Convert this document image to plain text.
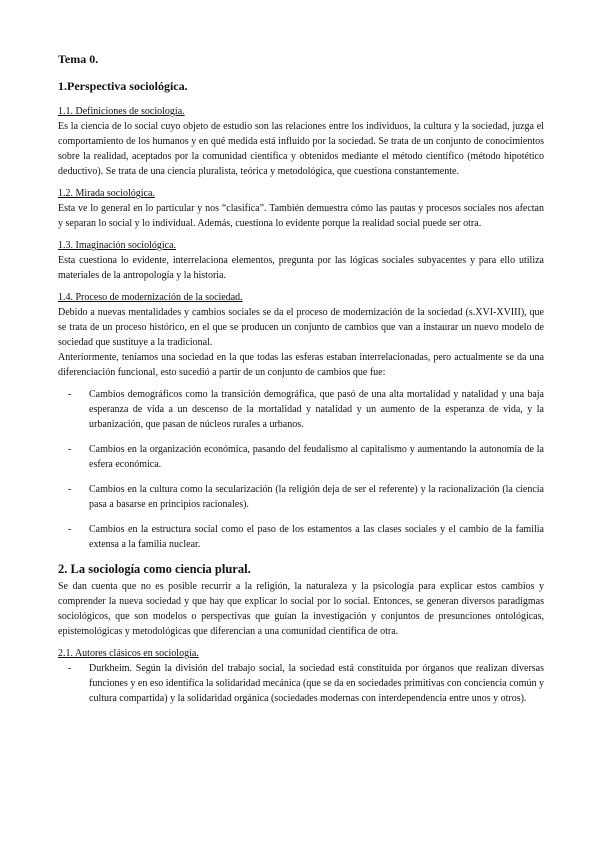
Tema 0.
1.Perspectiva sociológica.
1.1. Definiciones de sociología.
Es la ciencia de lo social cuyo objeto de estudio son las relaciones entre los individuos, la cultura y la sociedad, juzga el comportamiento de los humanos y en qué medida está influido por la sociedad. Se trata de un conjunto de conocimientos sobre la realidad, aceptados por la comunidad científica y obtenidos mediante el método científico (método hipotético deductivo). Se trata de una ciencia pluralista, teórica y metodológica, que cuestiona constantemente.
1.2. Mirada sociológica.
Esta ve lo general en lo particular y nos “clasifica”. También demuestra cómo las pautas y procesos sociales nos afectan y separan lo social y lo individual. Además, cuestiona lo evidente porque la realidad social puede ser otra.
1.3. Imaginación sociológica.
Esta cuestiona lo evidente, interrelaciona elementos, pregunta por las lógicas sociales subyacentes y para ello utiliza materiales de la antropología y la historia.
1.4. Proceso de modernización de la sociedad.
Debido a nuevas mentalidades y cambios sociales se da el proceso de modernización de la sociedad (s.XVI-XVIII), que se trata de un proceso histórico, en el que se producen un conjunto de cambios que van a instaurar un nuevo modelo de sociedad que sustituye a la tradicional.
Anteriormente, teníamos una sociedad en la que todas las esferas estaban interrelacionadas, pero actualmente se da una diferenciación funcional, esto sucedió a partir de un conjunto de cambios que fue:
- Cambios demográficos como la transición demográfica, que pasó de una alta mortalidad y natalidad y una baja esperanza de vida a un descenso de la mortalidad y natalidad y un aumento de la esperanza de vida, y la urbanización, que pasan de núcleos rurales a urbanos.
- Cambios en la organización económica, pasando del feudalismo al capitalismo y aumentando la autonomía de la esfera económica.
- Cambios en la cultura como la secularización (la religión deja de ser el referente) y la racionalización (la ciencia pasa a basarse en principios racionales).
- Cambios en la estructura social como el paso de los estamentos a las clases sociales y el cambio de la familia extensa a la familia nuclear.
2. La sociología como ciencia plural.
Se dan cuenta que no es posible recurrir a la religión, la naturaleza y la psicología para explicar estos cambios y comprender la nueva sociedad y que hay que explicar lo social por lo social. Entonces, se generan diversos paradigmas sociológicos, que son modelos o perspectivas que guían la investigación y conjuntos de presunciones ontológicas, epistemológicas y metodológicas que diferencian a una comunidad científica de otra.
2.1. Autores clásicos en sociología.
- Durkheim. Según la división del trabajo social, la sociedad está constituida por órganos que realizan diversas funciones y en eso identifica la solidaridad mecánica (que se da en sociedades primitivas con conciencia común y cultura compartida) y la solidaridad orgánica (sociedades modernas con interdependencia entre unos y otros).
